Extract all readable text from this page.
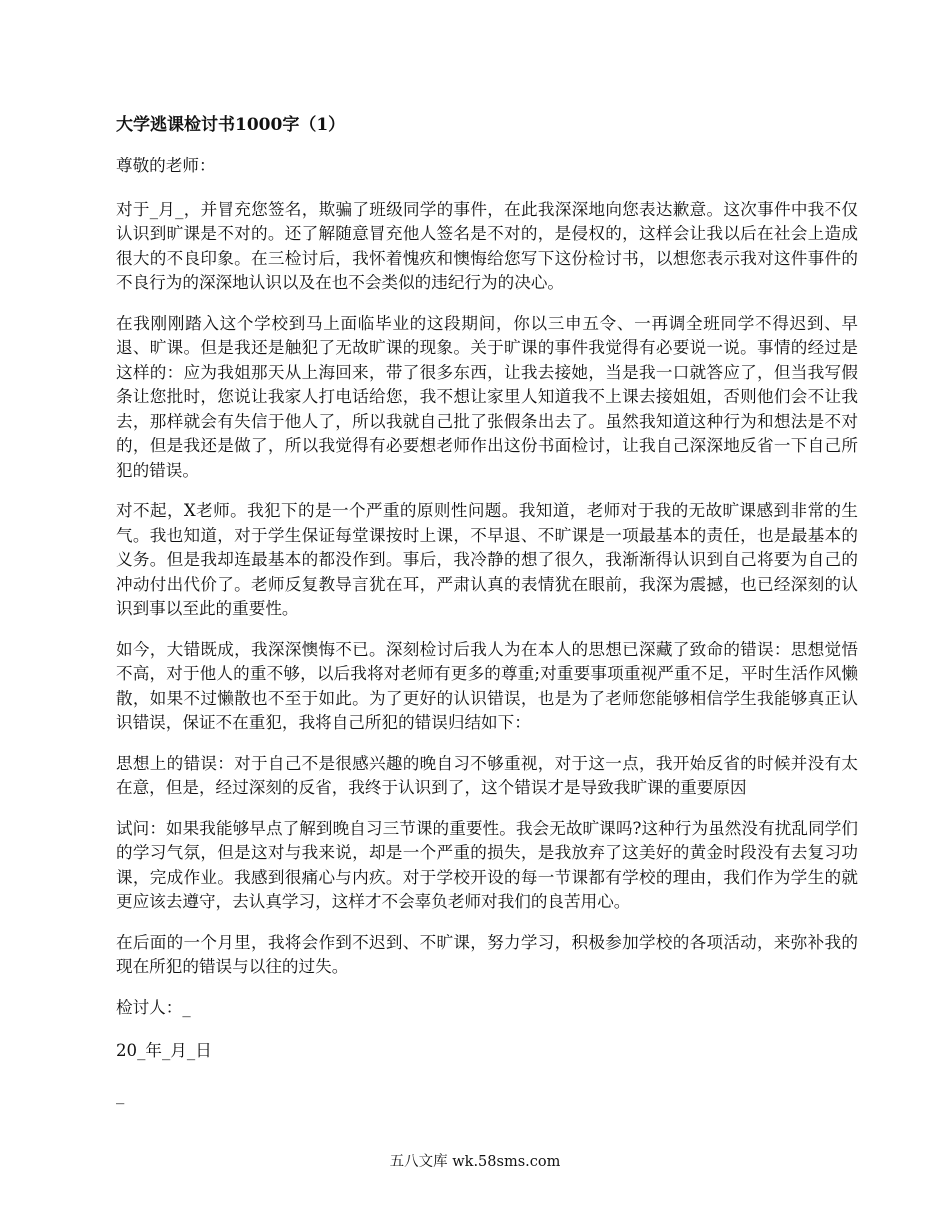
大学逃课检讨书1000字（1）

尊敬的老师：

对于_月_，并冒充您签名，欺骗了班级同学的事件，在此我深深地向您表达歉意。这次事件中我不仅认识到旷课是不对的。还了解随意冒充他人签名是不对的，是侵权的，这样会让我以后在社会上造成很大的不良印象。在三检讨后，我怀着愧疚和懊悔给您写下这份检讨书，以想您表示我对这件事件的不良行为的深深地认识以及在也不会类似的违纪行为的决心。

在我刚刚踏入这个学校到马上面临毕业的这段期间，你以三申五令、一再调全班同学不得迟到、早退、旷课。但是我还是触犯了无故旷课的现象。关于旷课的事件我觉得有必要说一说。事情的经过是这样的：应为我姐那天从上海回来，带了很多东西，让我去接她，当是我一口就答应了，但当我写假条让您批时，您说让我家人打电话给您，我不想让家里人知道我不上课去接姐姐，否则他们会不让我去，那样就会有失信于他人了，所以我就自己批了张假条出去了。虽然我知道这种行为和想法是不对的，但是我还是做了，所以我觉得有必要想老师作出这份书面检讨，让我自己深深地反省一下自己所犯的错误。

对不起，X老师。我犯下的是一个严重的原则性问题。我知道，老师对于我的无故旷课感到非常的生气。我也知道，对于学生保证每堂课按时上课，不早退、不旷课是一项最基本的责任，也是最基本的义务。但是我却连最基本的都没作到。事后，我冷静的想了很久，我渐渐得认识到自己将要为自己的冲动付出代价了。老师反复教导言犹在耳，严肃认真的表情犹在眼前，我深为震撼，也已经深刻的认识到事以至此的重要性。

如今，大错既成，我深深懊悔不已。深刻检讨后我人为在本人的思想已深藏了致命的错误：思想觉悟不高，对于他人的重不够，以后我将对老师有更多的尊重;对重要事项重视严重不足，平时生活作风懒散，如果不过懒散也不至于如此。为了更好的认识错误，也是为了老师您能够相信学生我能够真正认识错误，保证不在重犯，我将自己所犯的错误归结如下：

思想上的错误：对于自己不是很感兴趣的晚自习不够重视，对于这一点，我开始反省的时候并没有太在意，但是，经过深刻的反省，我终于认识到了，这个错误才是导致我旷课的重要原因

试问：如果我能够早点了解到晚自习三节课的重要性。我会无故旷课吗?这种行为虽然没有扰乱同学们的学习气氛，但是这对与我来说，却是一个严重的损失，是我放弃了这美好的黄金时段没有去复习功课，完成作业。我感到很痛心与内疚。对于学校开设的每一节课都有学校的理由，我们作为学生的就更应该去遵守，去认真学习，这样才不会辜负老师对我们的良苦用心。

在后面的一个月里，我将会作到不迟到、不旷课，努力学习，积极参加学校的各项活动，来弥补我的现在所犯的错误与以往的过失。

检讨人：_

20_年_月_日

_

五八文库 wk.58sms.com
